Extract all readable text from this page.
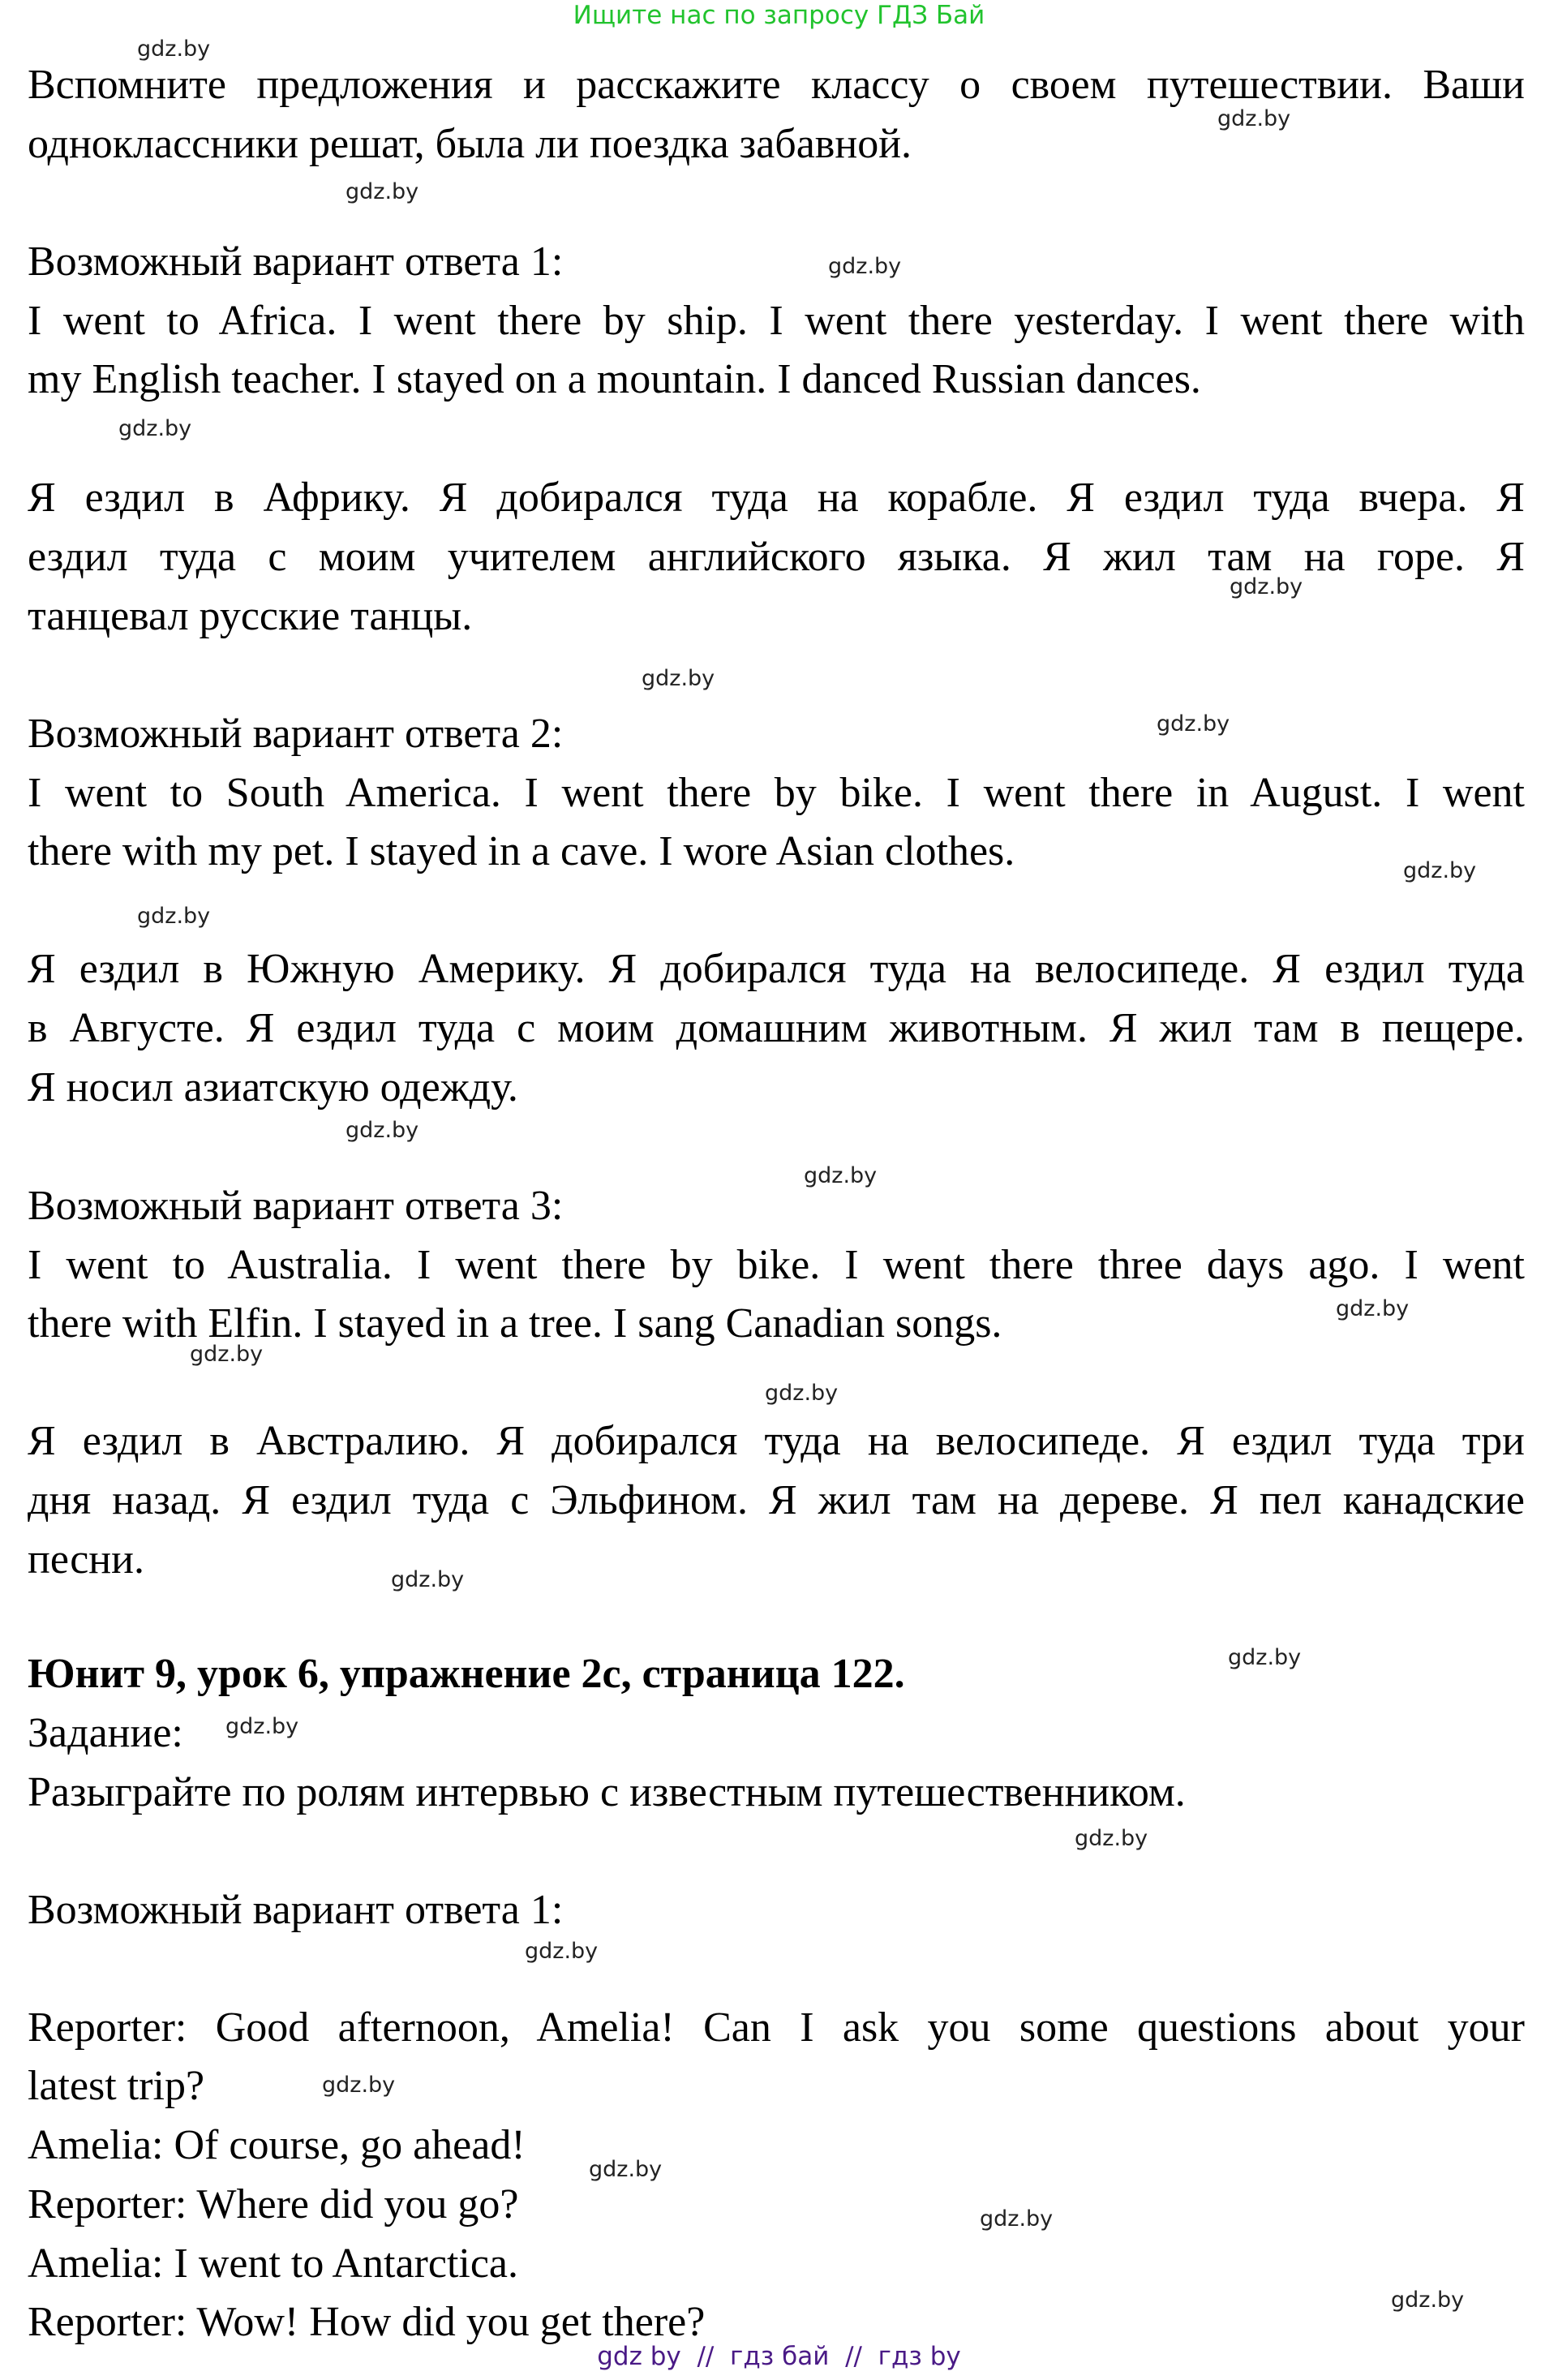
Ищите нас по запросу ГДЗ Бай
Вспомните предложения и расскажите классу о своем путешествии. Ваши
одноклассники решат, была ли поездка забавной.
Возможный вариант ответа 1:
I went to Africa. I went there by ship. I went there yesterday. I went there with
my English teacher. I stayed on a mountain. I danced Russian dances.
Я ездил в Африку. Я добирался туда на корабле. Я ездил туда вчера. Я
ездил туда с моим учителем английского языка. Я жил там на горе. Я
танцевал русские танцы.
Возможный вариант ответа 2:
I went to South America. I went there by bike. I went there in August. I went
there with my pet. I stayed in a cave. I wore Asian clothes.
Я ездил в Южную Америку. Я добирался туда на велосипеде. Я ездил туда
в Августе. Я ездил туда с моим домашним животным. Я жил там в пещере.
Я носил азиатскую одежду.
Возможный вариант ответа 3:
I went to Australia. I went there by bike. I went there three days ago. I went
there with Elfin. I stayed in a tree. I sang Canadian songs.
Я ездил в Австралию. Я добирался туда на велосипеде. Я ездил туда три
дня назад. Я ездил туда с Эльфином. Я жил там на дереве. Я пел канадские
песни.
Юнит 9, урок 6, упражнение 2c, страница 122.
Задание:
Разыграйте по ролям интервью с известным путешественником.
Возможный вариант ответа 1:
Reporter: Good afternoon, Amelia! Can I ask you some questions about your
latest trip?
Amelia: Of course, go ahead!
Reporter: Where did you go?
Amelia: I went to Antarctica.
Reporter: Wow! How did you get there?
gdz.by
gdz.by
gdz.by
gdz.by
gdz.by
gdz.by
gdz.by
gdz.by
gdz.by
gdz.by
gdz.by
gdz.by
gdz.by
gdz.by
gdz.by
gdz.by
gdz.by
gdz.by
gdz.by
gdz.by
gdz.by
gdz.by
gdz.by
gdz.by
gdz by  //  гдз бай  //  гдз by
